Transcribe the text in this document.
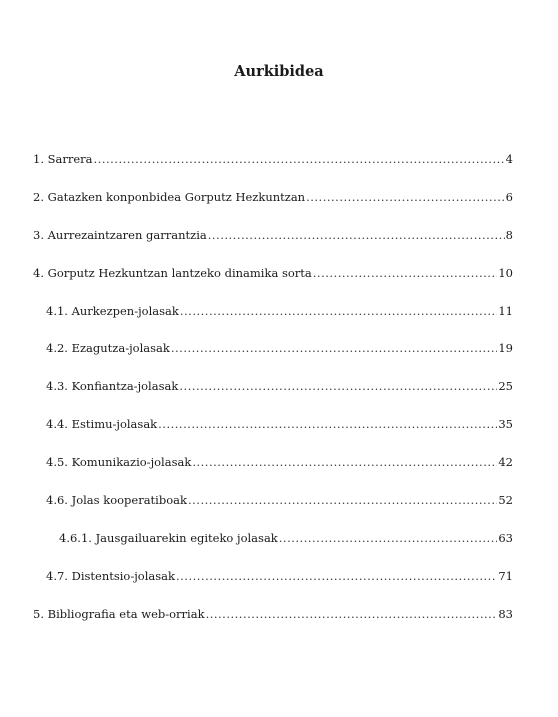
Aurkibidea
1. Sarrera .....	4
2. Gatazken konponbidea Gorputz Hezkuntzan .....	6
3. Aurrezaintzaren garrantzia .....	8
4. Gorputz Hezkuntzan lantzeko dinamika sorta .....	10
4.1. Aurkezpen-jolasak .....	11
4.2. Ezagutza-jolasak .....	19
4.3. Konfiantza-jolasak .....	25
4.4. Estimu-jolasak .....	35
4.5. Komunikazio-jolasak .....	42
4.6. Jolas kooperatiboak .....	52
4.6.1. Jausgailuarekin egiteko jolasak .....	63
4.7. Distentsio-jolasak .....	71
5. Bibliografia eta web-orriak .....	83
